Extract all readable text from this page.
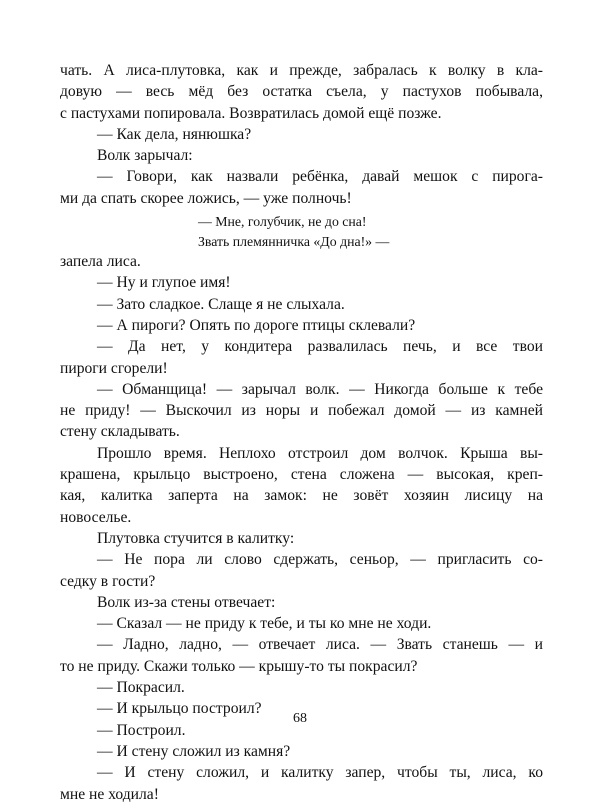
чать. А лиса-плутовка, как и прежде, забралась к волку в кла-
довую — весь мёд без остатка съела, у пастухов побывала,
с пастухами попировала. Возвратилась домой ещё позже.
— Как дела, нянюшка?
Волк зарычал:
— Говори, как назвали ребёнка, давай мешок с пирога-
ми да спать скорее ложись, — уже полночь!
— Мне, голубчик, не до сна!
Звать племянничка «До дна!» —
запела лиса.
— Ну и глупое имя!
— Зато сладкое. Слаще я не слыхала.
— А пироги? Опять по дороге птицы склевали?
— Да нет, у кондитера развалилась печь, и все твои
пироги сгорели!
— Обманщица! — зарычал волк. — Никогда больше к тебе
не приду! — Выскочил из норы и побежал домой — из камней
стену складывать.
Прошло время. Неплохо отстроил дом волчок. Крыша вы-
крашена, крыльцо выстроено, стена сложена — высокая, креп-
кая, калитка заперта на замок: не зовёт хозяин лисицу на
новоселье.
Плутовка стучится в калитку:
— Не пора ли слово сдержать, сеньор, — пригласить со-
седку в гости?
Волк из-за стены отвечает:
— Сказал — не приду к тебе, и ты ко мне не ходи.
— Ладно, ладно, — отвечает лиса. — Звать станешь — и
то не приду. Скажи только — крышу-то ты покрасил?
— Покрасил.
— И крыльцо построил?
— Построил.
— И стену сложил из камня?
— И стену сложил, и калитку запер, чтобы ты, лиса, ко
мне не ходила!
68
